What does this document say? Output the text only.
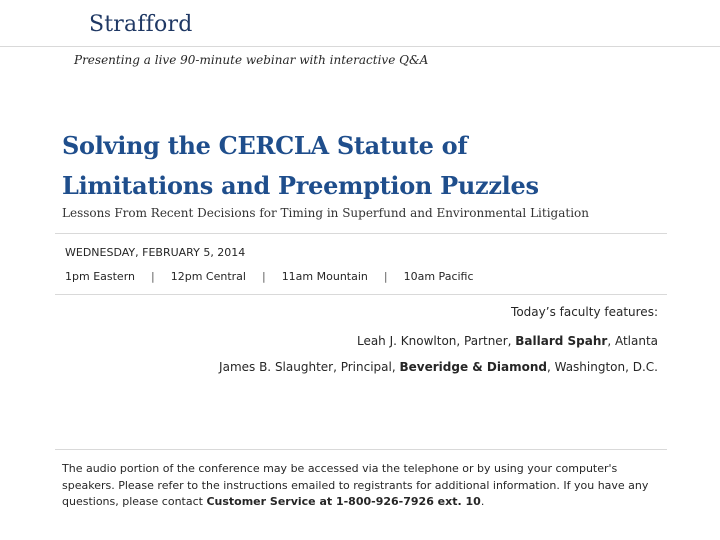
Strafford
Presenting a live 90-minute webinar with interactive Q&A
Solving the CERCLA Statute of
Limitations and Preemption Puzzles
Lessons From Recent Decisions for Timing in Superfund and Environmental Litigation
WEDNESDAY, FEBRUARY 5, 2014
1pm Eastern | 12pm Central | 11am Mountain | 10am Pacific
Today’s faculty features:
Leah J. Knowlton, Partner, Ballard Spahr, Atlanta
James B. Slaughter, Principal, Beveridge & Diamond, Washington, D.C.
The audio portion of the conference may be accessed via the telephone or by using your computer's speakers. Please refer to the instructions emailed to registrants for additional information. If you have any questions, please contact Customer Service at 1-800-926-7926 ext. 10.
